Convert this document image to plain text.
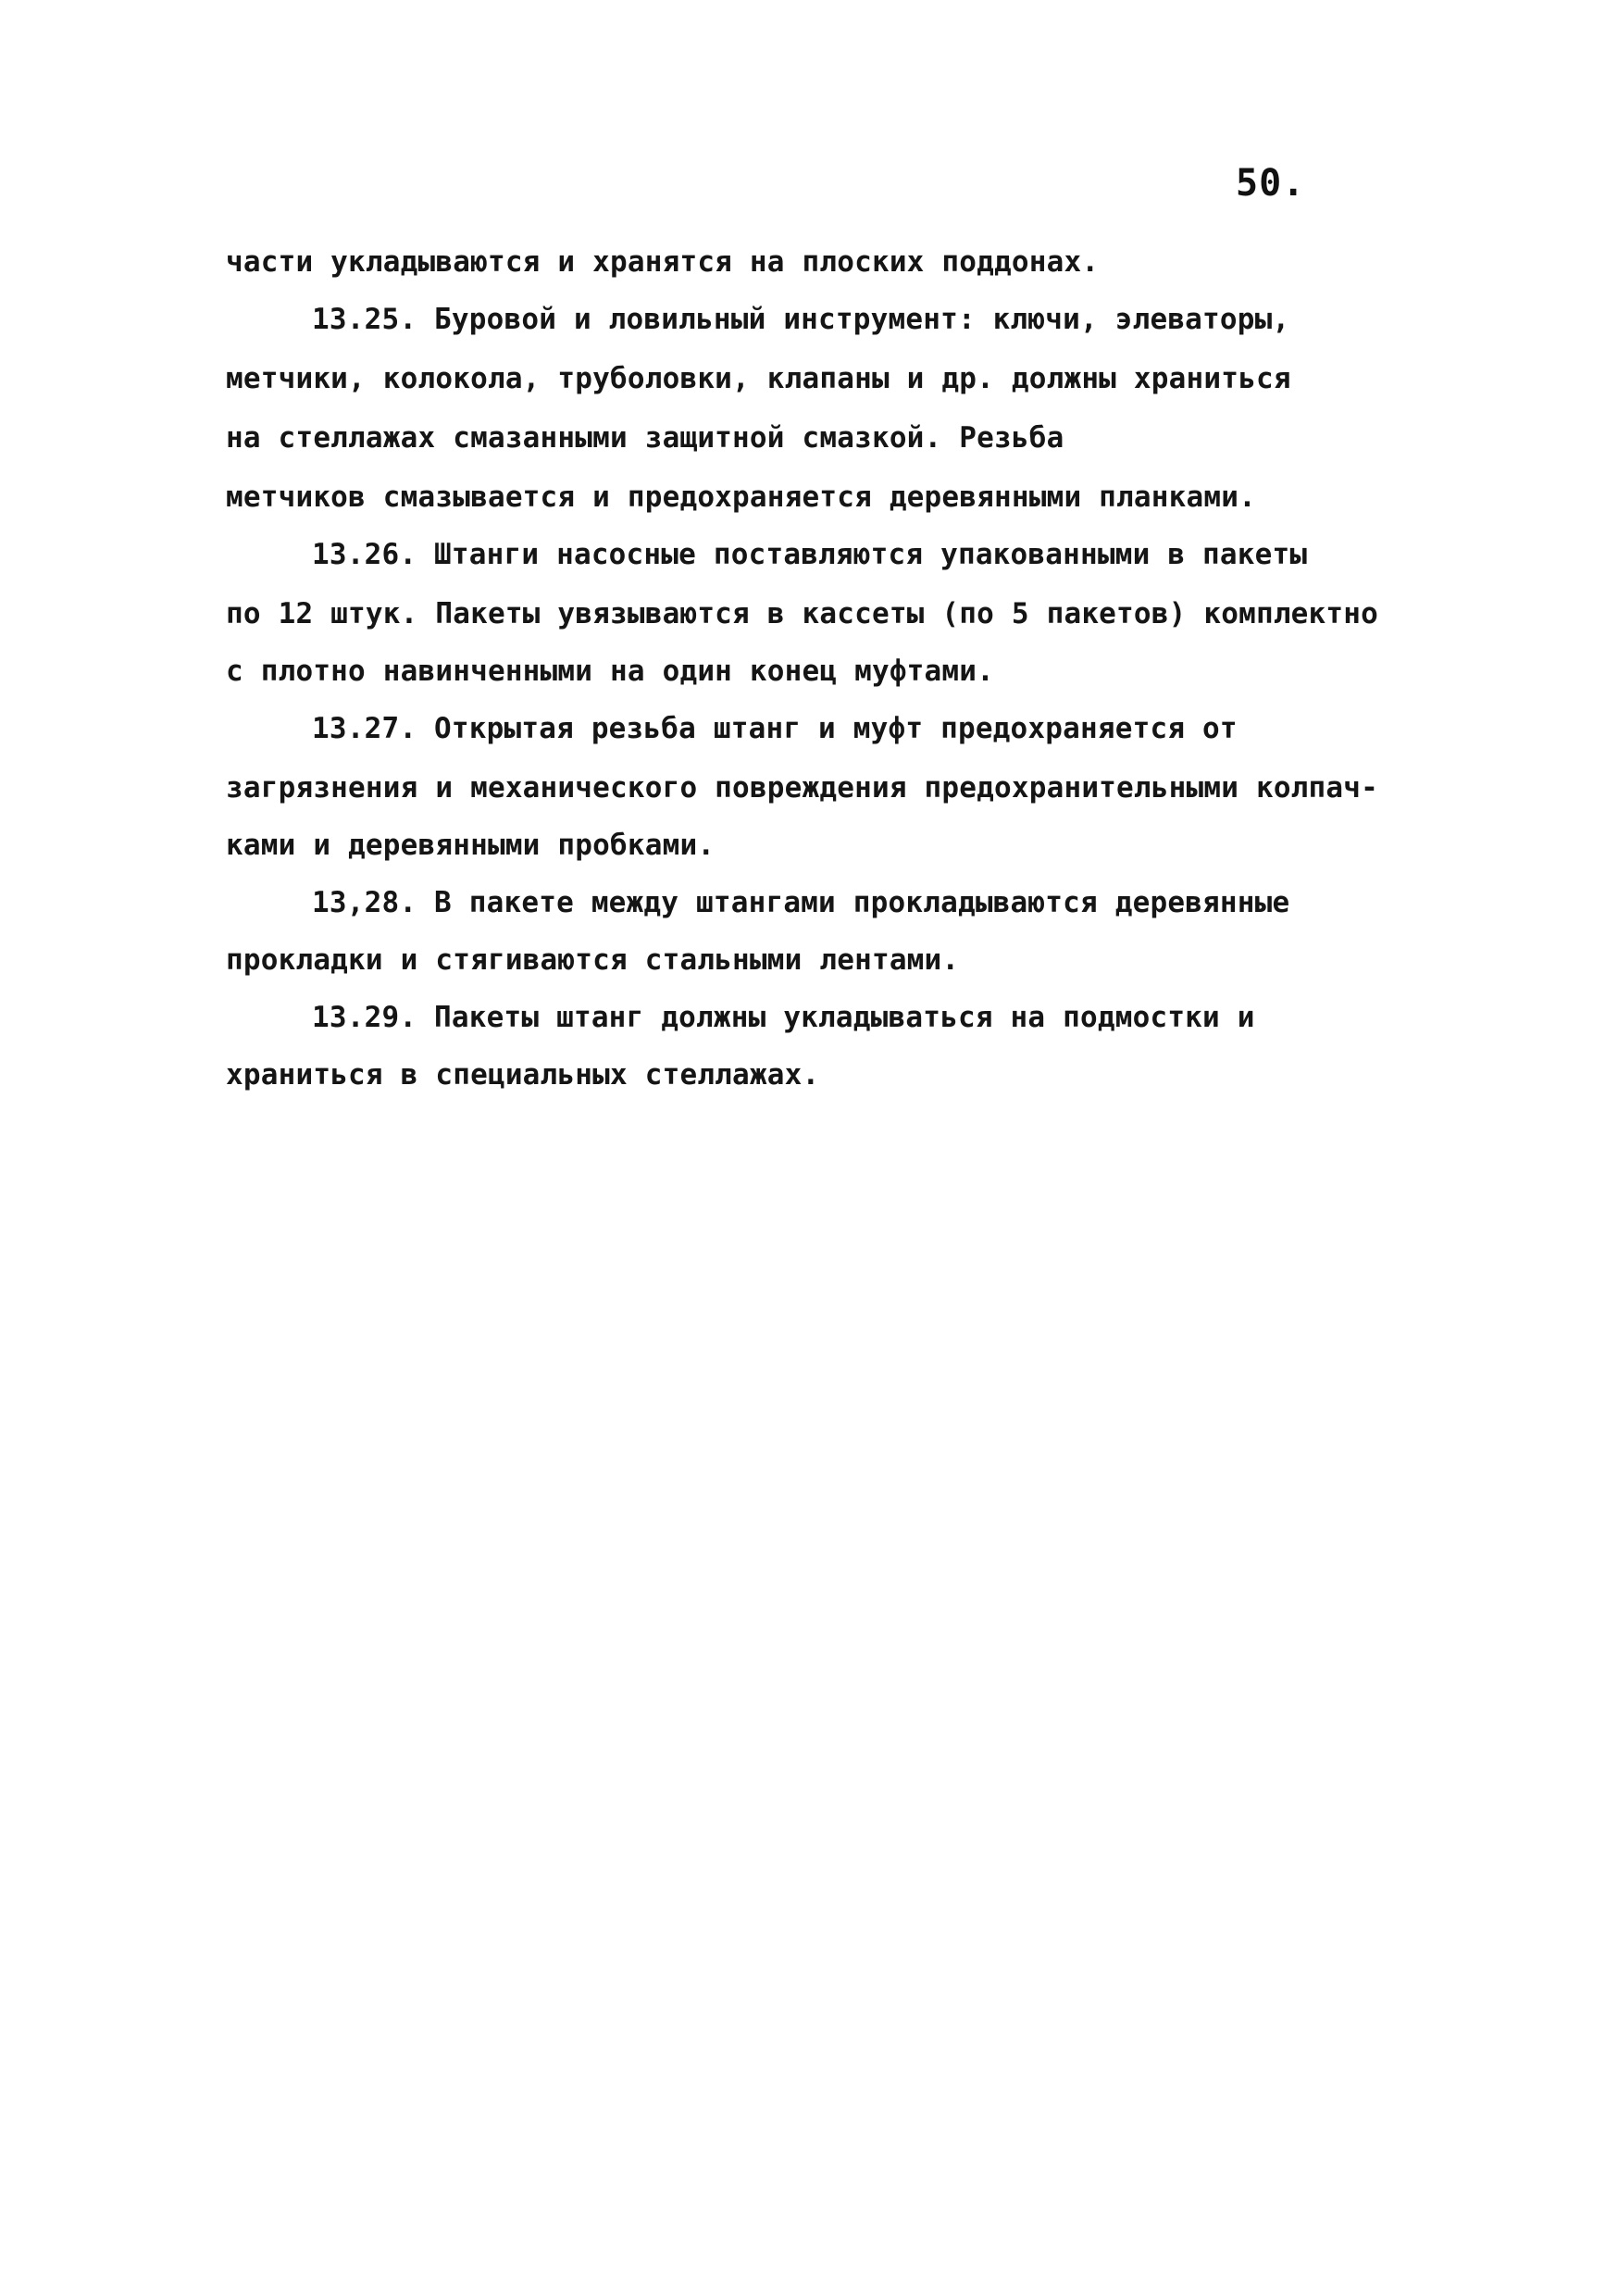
50.
части укладываются и хранятся на плоских поддонах.
13.25. Буровой и ловильный инструмент: ключи, элеваторы,
метчики, колокола, труболовки, клапаны и др. должны храниться
на стеллажах смазанными защитной смазкой. Резьба
метчиков смазывается и предохраняется деревянными планками.
13.26. Штанги насосные поставляются упакованными в пакеты
по 12 штук. Пакеты увязываются в кассеты (по 5 пакетов) комплектно
с плотно навинченными на один конец муфтами.
13.27. Открытая резьба штанг и муфт предохраняется от
загрязнения и механического повреждения предохранительными колпач-
ками и деревянными пробками.
13,28. В пакете между штангами прокладываются деревянные
прокладки и стягиваются стальными лентами.
13.29. Пакеты штанг должны укладываться на подмостки и
храниться в специальных стеллажах.
